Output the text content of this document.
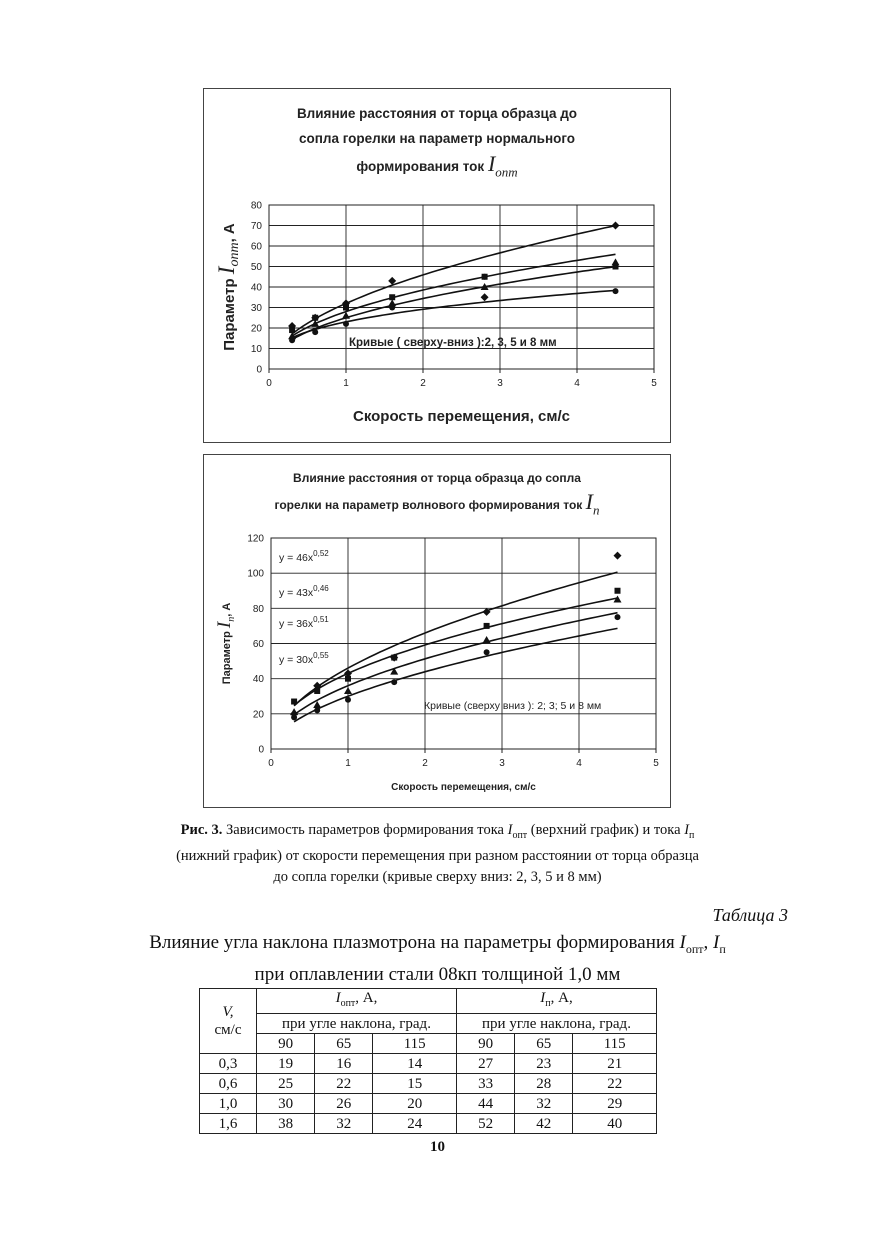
Влияние расстояния от торца образца до
сопла горелки на параметр нормального
формирования ток $I_{опт}$
0
10
20
30
40
50
60
70
80
0	1	2	3	4	5
Скорость перемещения, см/с
Параметр Iопт, А
Кривые ( сверху-вниз ):2, 3, 5 и 8 мм
Влияние расстояния от торца образца до сопла
горелки на параметр волнового формирования ток $I_п$
0
20
40
60
80
100
120
0	1	2	3	4	5
Скорость перемещения, см/с
Параметр Iп, А
Кривые (сверху вниз ): 2; 3; 5 и 8 мм
$y = 46x^{0,52}$
$y = 43x^{0,46}$
$y = 36x^{0,51}$
$y = 30x^{0,55}$
Рис. 3. Зависимость параметров формирования тока $I_{опт}$ (верхний график) и тока $I_п$
(нижний график) от скорости перемещения при разном расстоянии от торца образца
до сопла горелки (кривые сверху вниз: 2, 3, 5 и 8 мм)
Таблица 3
Влияние угла наклона плазмотрона на параметры формирования $I_{опт}$, $I_п$
при оплавлении стали 08кп толщиной 1,0 мм
V,
см/с	$I_{опт}$, А,			$I_п$, А,		
	при угле наклона, град.			при угле наклона, град.		
	90	65	115	90	65	115
0,3	19	16	14	27	23	21
0,6	25	22	15	33	28	22
1,0	30	26	20	44	32	29
1,6	38	32	24	52	42	40
10
